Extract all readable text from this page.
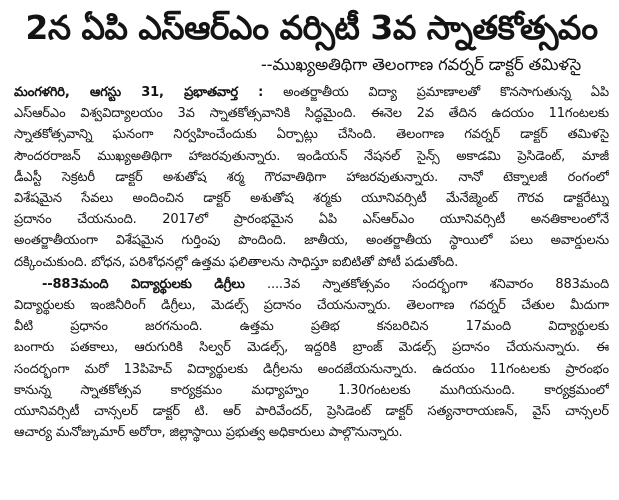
2న ఏపి ఎస్ఆర్ఎం వర్సిటీ 3వ స్నాతకోత్సవం
--ముఖ్యఅతిథిగా తెలంగాణ గవర్నర్ డాక్టర్ తమిళసై
మంగళగిరి, ఆగస్టు 31, ప్రభాతవార్త : అంతర్జాతీయ విద్యా ప్రమాణాలతో కొనసాగుతున్న ఏపి
ఎస్ఆర్ఎం విశ్వవిద్యాలయం 3వ స్నాతకోత్సవానికి సిద్ధమైంది. ఈనెల 2వ తేదిన ఉదయం 11గంటలకు
స్నాతకోత్సవాన్ని ఘనంగా నిర్వహించేందుకు ఏర్పాట్లు చేసింది. తెలంగాణ గవర్నర్ డాక్టర్ తమిళసై
సౌందరరాజన్ ముఖ్యఅతిథిగా హాజరవుతున్నారు. ఇండియన్ నేషనల్ సైన్స్ అకాడమి ప్రెసిడెంట్, మాజీ
డీఎస్టీ సెక్రటరీ డాక్టర్ అశుతోష శర్మ గౌరవాతిథిగా హాజరవుతున్నారు. నానో టెక్నాలజీ రంగంలో
విశేషమైన సేవలు అందించిన డాక్టర్ అశుతోష శర్మకు యూనివర్సిటీ మేనేజ్మెంట్ గౌరవ డాక్టరేట్ను
ప్రదానం చేయనుంది. 2017లో ప్రారంభమైన ఏపి ఎస్ఆర్ఎం యూనివర్సిటీ అనతికాలంలోనే
అంతర్జాతీయంగా విశేషమైన గుర్తింపు పొందింది. జాతీయ, అంతర్జాతీయ స్థాయిలో పలు అవార్డులను
దక్కించుకుంది. బోధన, పరిశోధనల్లో ఉత్తమ ఫలితాలను సాధిస్తూ ఐబిటితో పోటీ పడుతోంది.
--883మంది విద్యార్థులకు డిగ్రీలు ....3వ స్నాతకోత్సవం సందర్భంగా శనివారం 883మంది
విద్యార్థులకు ఇంజినీరింగ్ డిగ్రీలు, మెడల్స్ ప్రదానం చేయనున్నారు. తెలంగాణ గవర్నర్ చేతుల మీదుగా
వీటి ప్రధానం జరగనుంది. ఉత్తమ ప్రతిభ కనబరిచిన 17మంది విద్యార్థులకు
బంగారు పతకాలు, ఆరుగురికి సిల్వర్ మెడల్స్, ఇద్దరికి బ్రాంజ్ మెడల్స్ ప్రదానం చేయనున్నారు. ఈ
సందర్భంగా మరో 13పిహెచ్ విద్యార్థులకు డిగ్రీలను అందజేయనున్నారు. ఉదయం 11గంటలకు ప్రారంభం
కానున్న స్నాతకోత్సవ కార్యక్రమం మధ్యాహ్నం 1.30గంటలకు ముగియనుంది. కార్యక్రమంలో
యూనివర్సిటీ చాన్సలర్ డాక్టర్ టి. ఆర్ పారివేందర్, ప్రెసిడెంట్ డాక్టర్ సత్యనారాయణన్, వైస్ చాన్సలర్
ఆచార్య మనోజ్కుమార్ అరోరా, జిల్లాస్థాయి ప్రభుత్వ అధికారులు పాల్గొనున్నారు.
